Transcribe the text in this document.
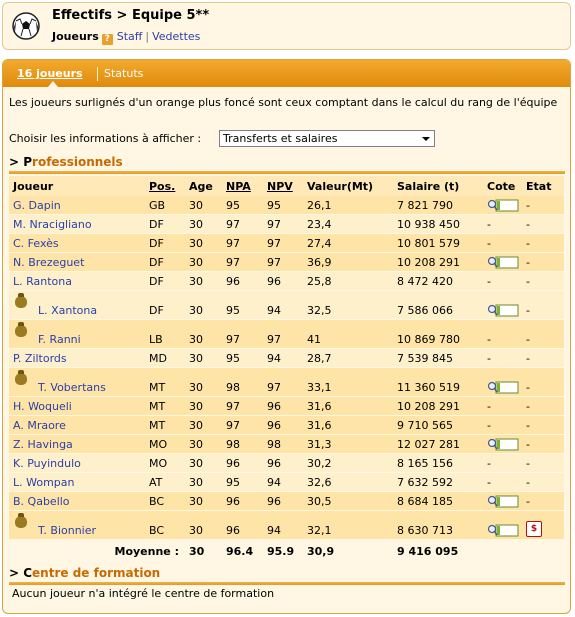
Effectifs > Equipe 5**
Joueurs ? Staff | Vedettes
16 joueurs Statuts
Les joueurs surlignés d'un orange plus foncé sont ceux comptant dans le calcul du rang de l'équipe
Choisir les informations à afficher :	Transferts et salaires
> Professionnels
Joueur	Pos.	Age	NPA	NPV	Valeur(Mt)	Salaire (t)	Cote	Etat
G. Dapin	GB	30	95	95	26,1	7 821 790		-
M. Nracigliano	DF	30	97	97	23,4	10 938 450	-	-
C. Fexès	DF	30	97	97	27,4	10 801 579	-	-
N. Brezeguet	DF	30	97	97	36,9	10 208 291		-
L. Rantona	DF	30	96	96	25,8	8 472 420	-	-
L. Xantona	DF	30	95	94	32,5	7 586 066		-
F. Ranni	LB	30	97	97	41	10 869 780	-	-
P. Ziltords	MD	30	95	94	28,7	7 539 845	-	-
T. Vobertans	MT	30	98	97	33,1	11 360 519		-
H. Woqueli	MT	30	97	96	31,6	10 208 291	-	-
A. Mraore	MT	30	97	96	31,6	9 710 565	-	-
Z. Havinga	MO	30	98	98	31,3	12 027 281		-
K. Puyindulo	MO	30	96	96	30,2	8 165 156	-	-
L. Wompan	AT	30	95	94	32,6	7 632 592	-	-
B. Qabello	BC	30	96	96	30,5	8 684 185		-
T. Bionnier	BC	30	96	94	32,1	8 630 713		$
Moyenne :		30	96.4	95.9	30,9	9 416 095		
> Centre de formation
Aucun joueur n'a intégré le centre de formation
